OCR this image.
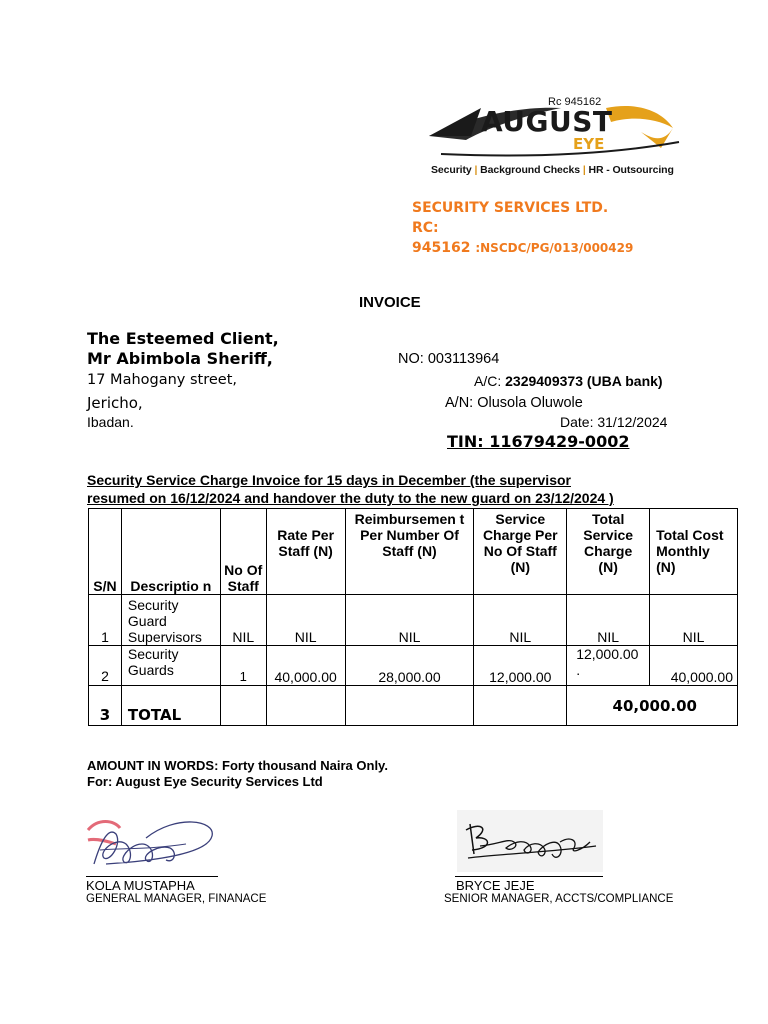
Rc 945162
AUGUST
EYE
Security | Background Checks | HR - Outsourcing
SECURITY SERVICES LTD.
RC:
945162 :NSCDC/PG/013/000429
INVOICE
The Esteemed Client,
Mr Abimbola Sheriff,
17 Mahogany street,
Jericho,
Ibadan.
NO: 003113964
A/C: 2329409373 (UBA bank)
A/N: Olusola Oluwole
Date: 31/12/2024
TIN: 11679429-0002
Security Service Charge Invoice for 15 days in December (the supervisor
resumed on 16/12/2024 and handover the duty to the new guard on 23/12/2024 )
S/N	Descriptio n	No Of Staff	Rate Per Staff (N)	Reimbursemen t Per Number Of Staff (N)	Service Charge Per No Of Staff (N)	Total Service Charge (N)	Total Cost Monthly (N)
1	Security Guard Supervisors	NIL	NIL	NIL	NIL	NIL	NIL
2	Security Guards	1	40,000.00	28,000.00	12,000.00	12,000.00 .	40,000.00
3	TOTAL					40,000.00	
AMOUNT IN WORDS: Forty thousand Naira Only.
For: August Eye Security Services Ltd
KOLA MUSTAPHA
GENERAL MANAGER, FINANACE
BRYCE JEJE
SENIOR MANAGER, ACCTS/COMPLIANCE
